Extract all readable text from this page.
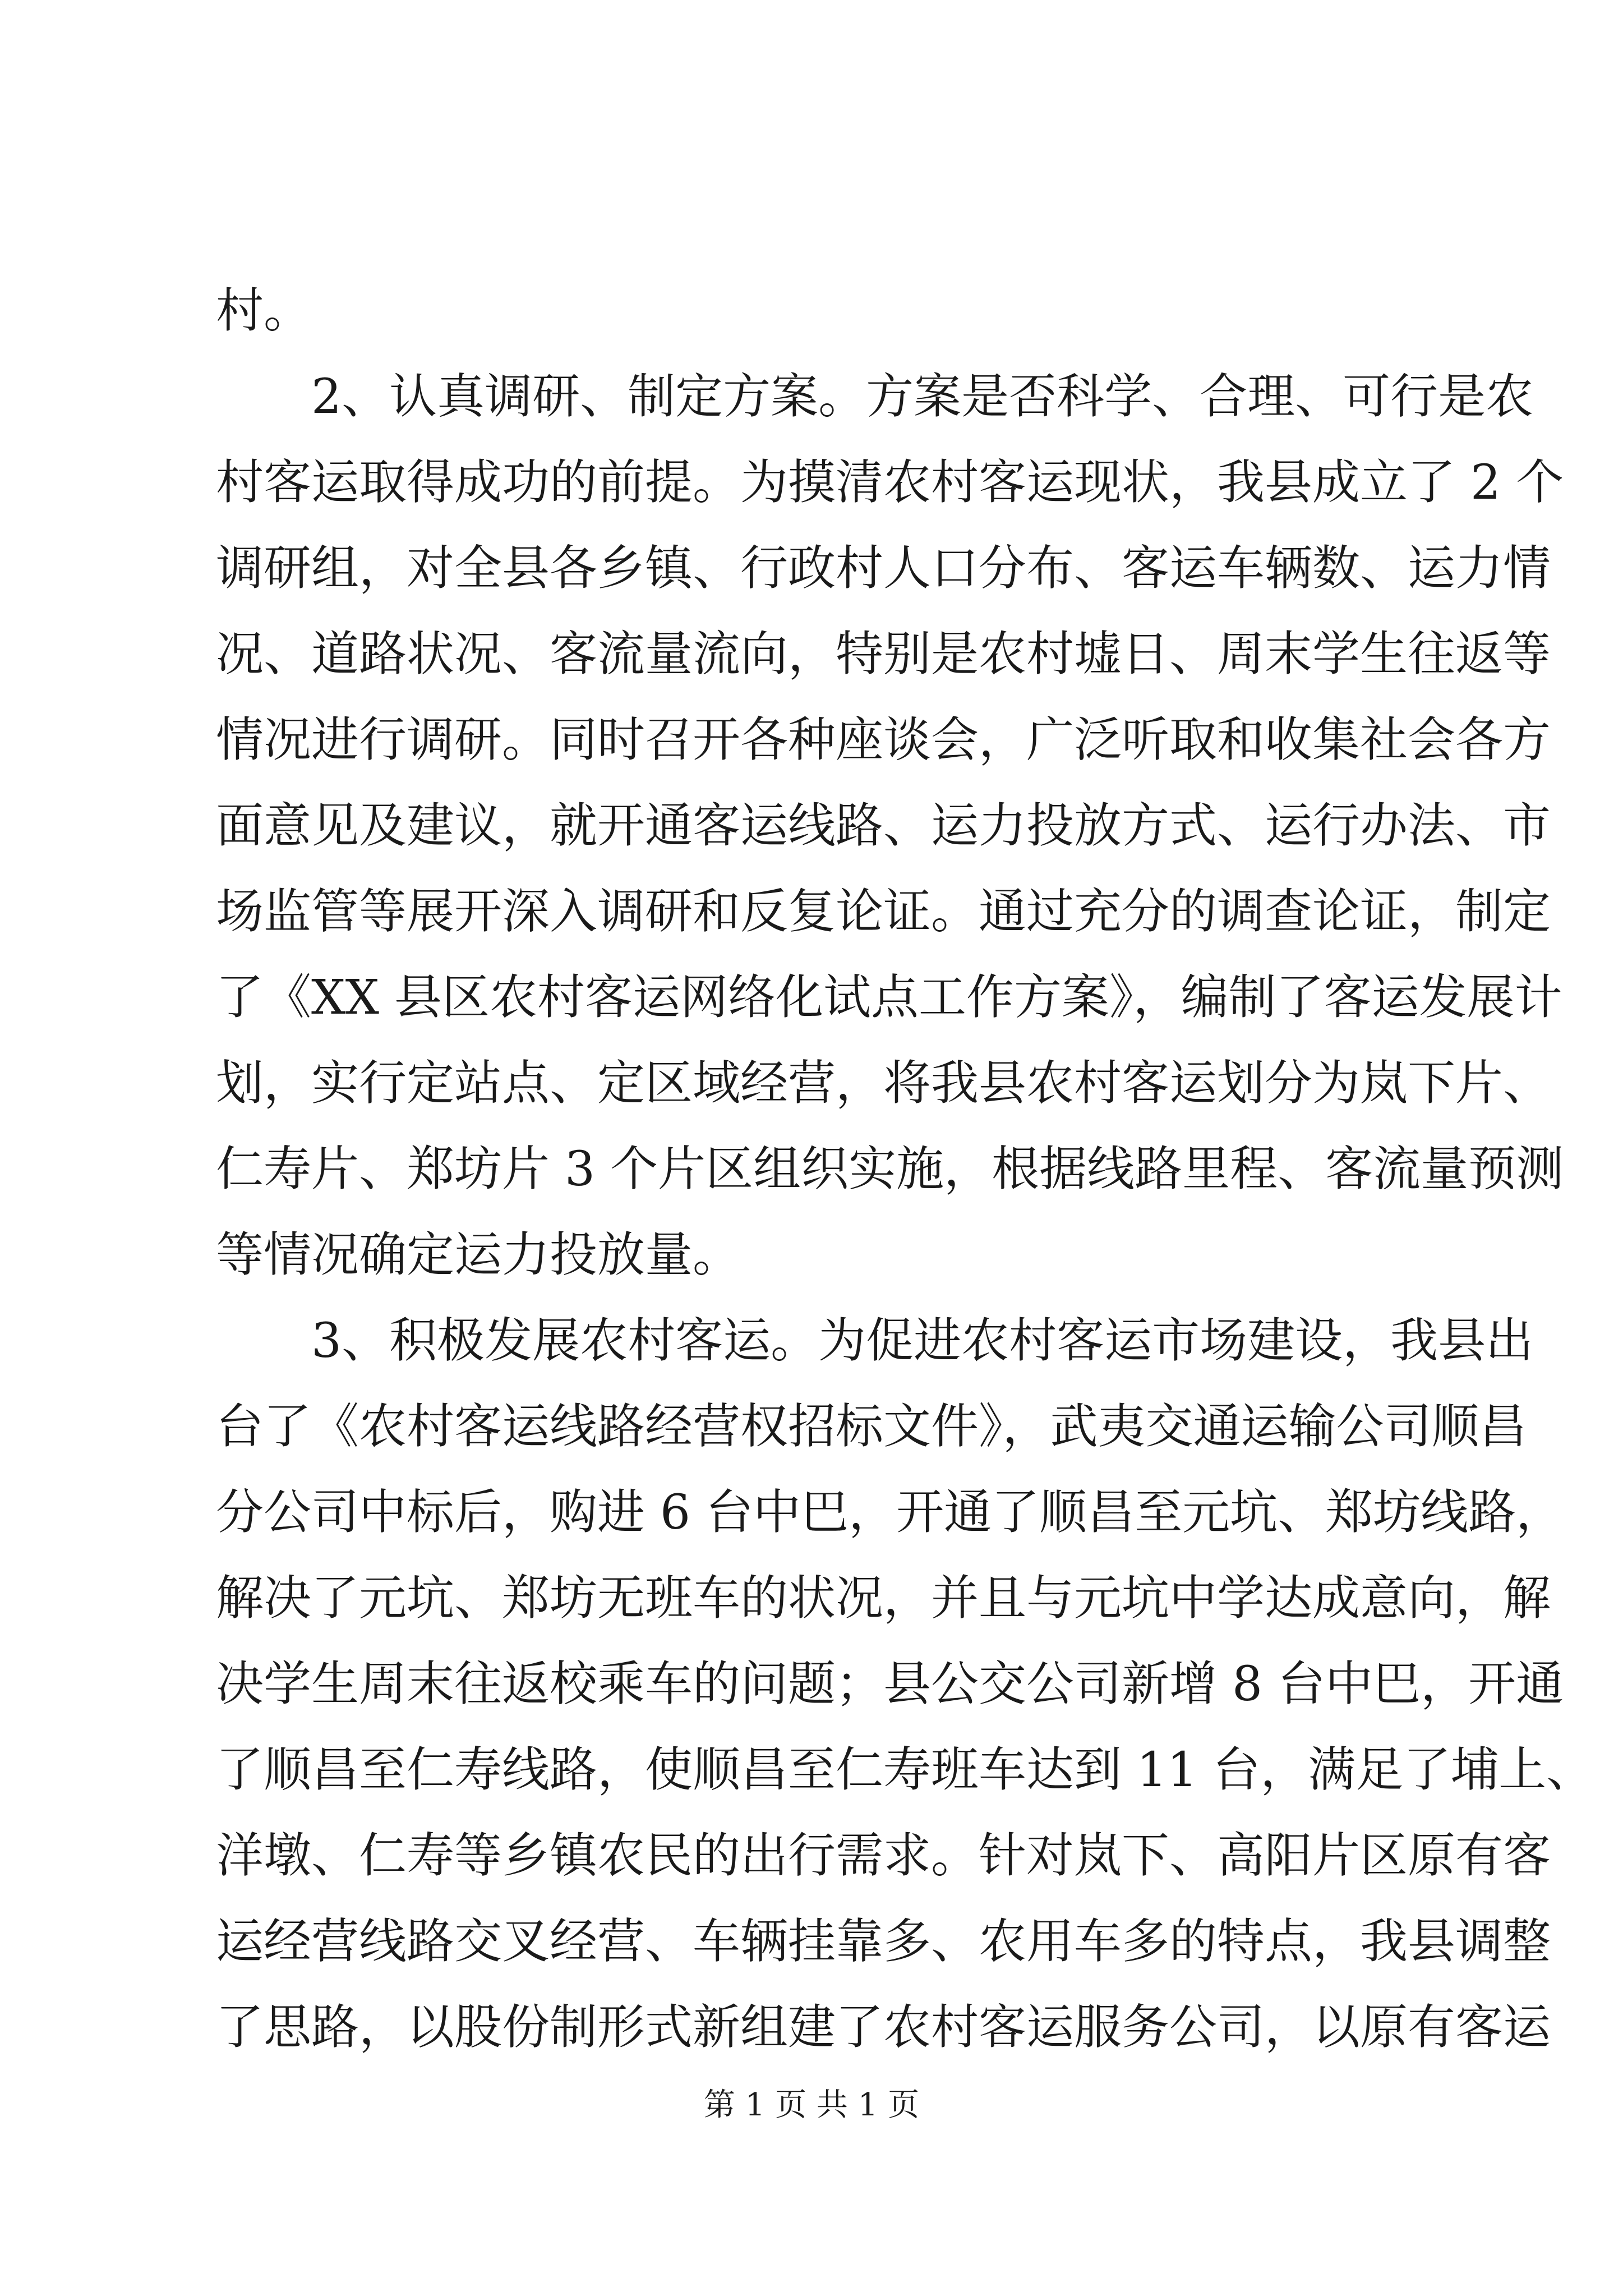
村。
　　2、认真调研、制定方案。方案是否科学、合理、可行是农
村客运取得成功的前提。为摸清农村客运现状，我县成立了 2 个
调研组，对全县各乡镇、行政村人口分布、客运车辆数、运力情
况、道路状况、客流量流向，特别是农村墟日、周末学生往返等
情况进行调研。同时召开各种座谈会，广泛听取和收集社会各方
面意见及建议，就开通客运线路、运力投放方式、运行办法、市
场监管等展开深入调研和反复论证。通过充分的调查论证，制定
了《XX 县区农村客运网络化试点工作方案》，编制了客运发展计
划，实行定站点、定区域经营，将我县农村客运划分为岚下片、
仁寿片、郑坊片 3 个片区组织实施，根据线路里程、客流量预测
等情况确定运力投放量。
　　3、积极发展农村客运。为促进农村客运市场建设，我县出
台了《农村客运线路经营权招标文件》，武夷交通运输公司顺昌
分公司中标后，购进 6 台中巴，开通了顺昌至元坑、郑坊线路，
解决了元坑、郑坊无班车的状况，并且与元坑中学达成意向，解
决学生周末往返校乘车的问题；县公交公司新增 8 台中巴，开通
了顺昌至仁寿线路，使顺昌至仁寿班车达到 11 台，满足了埔上、
洋墩、仁寿等乡镇农民的出行需求。针对岚下、高阳片区原有客
运经营线路交叉经营、车辆挂靠多、农用车多的特点，我县调整
了思路，以股份制形式新组建了农村客运服务公司，以原有客运
第 1 页 共 1 页
